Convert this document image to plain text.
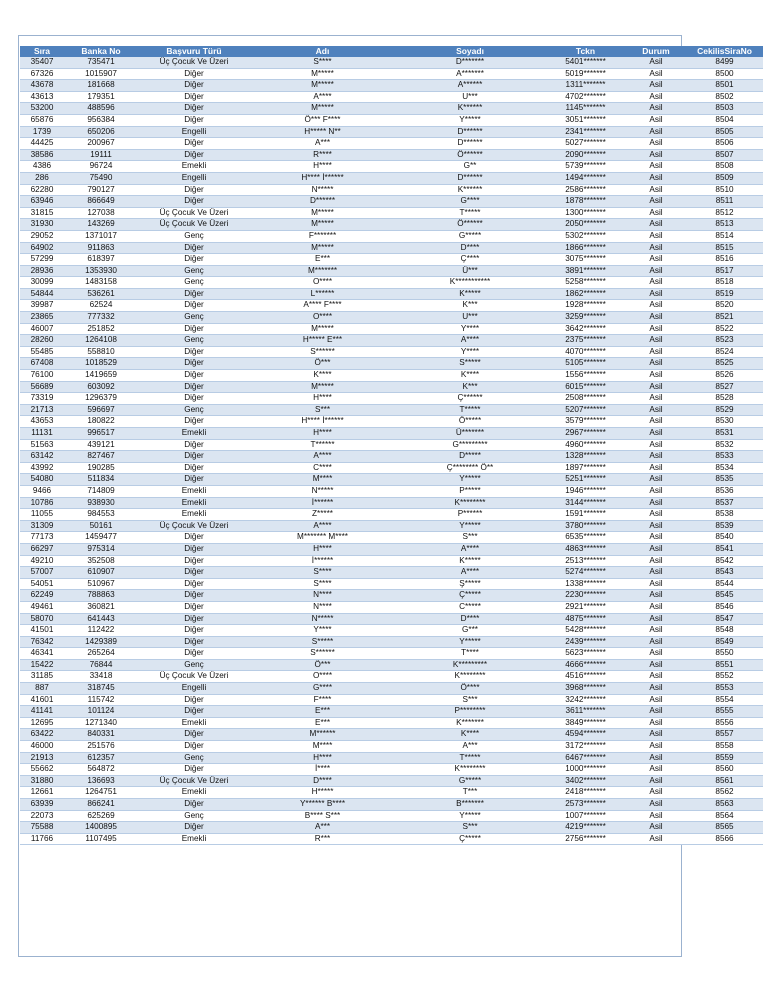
Sıra	Banka No	Başvuru Türü	Adı	Soyadı	Tckn	Durum	CekilisSiraNo
35407	735471	Üç Çocuk Ve Üzeri	S****	D*******	5401*******	Asil	8499
67326	1015907	Diğer	M*****	A*******	5019*******	Asil	8500
43678	181668	Diğer	M*****	A******	1311*******	Asil	8501
43613	179351	Diğer	A****	U***	4702*******	Asil	8502
53200	488596	Diğer	M*****	K******	1145*******	Asil	8503
65876	956384	Diğer	Ö*** F****	Y*****	3051*******	Asil	8504
1739	650206	Engelli	H***** N**	D******	2341*******	Asil	8505
44425	200967	Diğer	A***	D******	5027*******	Asil	8506
38586	19111	Diğer	R****	Ö******	2090*******	Asil	8507
4386	96724	Emekli	H****	G**	5739*******	Asil	8508
286	75490	Engelli	H**** İ******	D******	1494*******	Asil	8509
62280	790127	Diğer	N*****	K******	2586*******	Asil	8510
63946	866649	Diğer	D******	G****	1878*******	Asil	8511
31815	127038	Üç Çocuk Ve Üzeri	M*****	T*****	1300*******	Asil	8512
31930	143269	Üç Çocuk Ve Üzeri	M*****	Ö******	2050*******	Asil	8513
29052	1371017	Genç	F*******	G*****	5302*******	Asil	8514
64902	911863	Diğer	M*****	D****	1866*******	Asil	8515
57299	618397	Diğer	E***	Ç****	3075*******	Asil	8516
28936	1353930	Genç	M*******	Ü***	3891*******	Asil	8517
30099	1483158	Genç	O****	K***********	5258*******	Asil	8518
54844	536261	Diğer	L******	K*****	1862*******	Asil	8519
39987	62524	Diğer	A**** F****	K***	1928*******	Asil	8520
23865	777332	Genç	O****	U***	3259*******	Asil	8521
46007	251852	Diğer	M*****	Y****	3642*******	Asil	8522
28260	1264108	Genç	H***** E***	A****	2375*******	Asil	8523
55485	558810	Diğer	S******	Y****	4070*******	Asil	8524
67408	1018529	Diğer	Ö***	S*****	5105*******	Asil	8525
76100	1419659	Diğer	K****	K****	1556*******	Asil	8526
56689	603092	Diğer	M*****	K***	6015*******	Asil	8527
73319	1296379	Diğer	H****	Ç******	2508*******	Asil	8528
21713	596697	Genç	S***	T*****	5207*******	Asil	8529
43653	180822	Diğer	H**** İ******	Ö*****	3579*******	Asil	8530
11131	996517	Emekli	H****	Ü*******	2967*******	Asil	8531
51563	439121	Diğer	T******	G*********	4960*******	Asil	8532
63142	827467	Diğer	A****	D*****	1328*******	Asil	8533
43992	190285	Diğer	C****	Ç******** Ö**	1897*******	Asil	8534
54080	511834	Diğer	M****	Y*****	5251*******	Asil	8535
9466	714809	Emekli	N*****	P*****	1946*******	Asil	8536
10786	938930	Emekli	İ******	K********	3144*******	Asil	8537
11055	984553	Emekli	Z*****	P******	1591*******	Asil	8538
31309	50161	Üç Çocuk Ve Üzeri	A****	Y*****	3780*******	Asil	8539
77173	1459477	Diğer	M******* M****	S***	6535*******	Asil	8540
66297	975314	Diğer	H****	A****	4863*******	Asil	8541
49210	352508	Diğer	İ******	K*****	2513*******	Asil	8542
57007	610907	Diğer	S****	A****	5274*******	Asil	8543
54051	510967	Diğer	S****	Ş*****	1338*******	Asil	8544
62249	788863	Diğer	N****	Ç*****	2230*******	Asil	8545
49461	360821	Diğer	N****	C*****	2921*******	Asil	8546
58070	641443	Diğer	N*****	D****	4875*******	Asil	8547
41501	112422	Diğer	Y****	G***	5428*******	Asil	8548
76342	1429389	Diğer	S*****	Y*****	2439*******	Asil	8549
46341	265264	Diğer	S******	T****	5623*******	Asil	8550
15422	76844	Genç	Ö***	K*********	4666*******	Asil	8551
31185	33418	Üç Çocuk Ve Üzeri	O****	K********	4516*******	Asil	8552
887	318745	Engelli	G****	Ö****	3968*******	Asil	8553
41601	115742	Diğer	F****	S***	3242*******	Asil	8554
41141	101124	Diğer	E***	P********	3611*******	Asil	8555
12695	1271340	Emekli	E***	K*******	3849*******	Asil	8556
63422	840331	Diğer	M******	K****	4594*******	Asil	8557
46000	251576	Diğer	M****	A***	3172*******	Asil	8558
21913	612357	Genç	H****	T*****	6467*******	Asil	8559
55662	564872	Diğer	İ****	K********	1000*******	Asil	8560
31880	136693	Üç Çocuk Ve Üzeri	D****	G*****	3402*******	Asil	8561
12661	1264751	Emekli	H*****	T***	2418*******	Asil	8562
63939	866241	Diğer	Y****** B****	B*******	2573*******	Asil	8563
22073	625269	Genç	B**** S***	Y*****	1007*******	Asil	8564
75588	1400895	Diğer	A***	S***	4219*******	Asil	8565
11766	1107495	Emekli	R***	Ç*****	2756*******	Asil	8566
